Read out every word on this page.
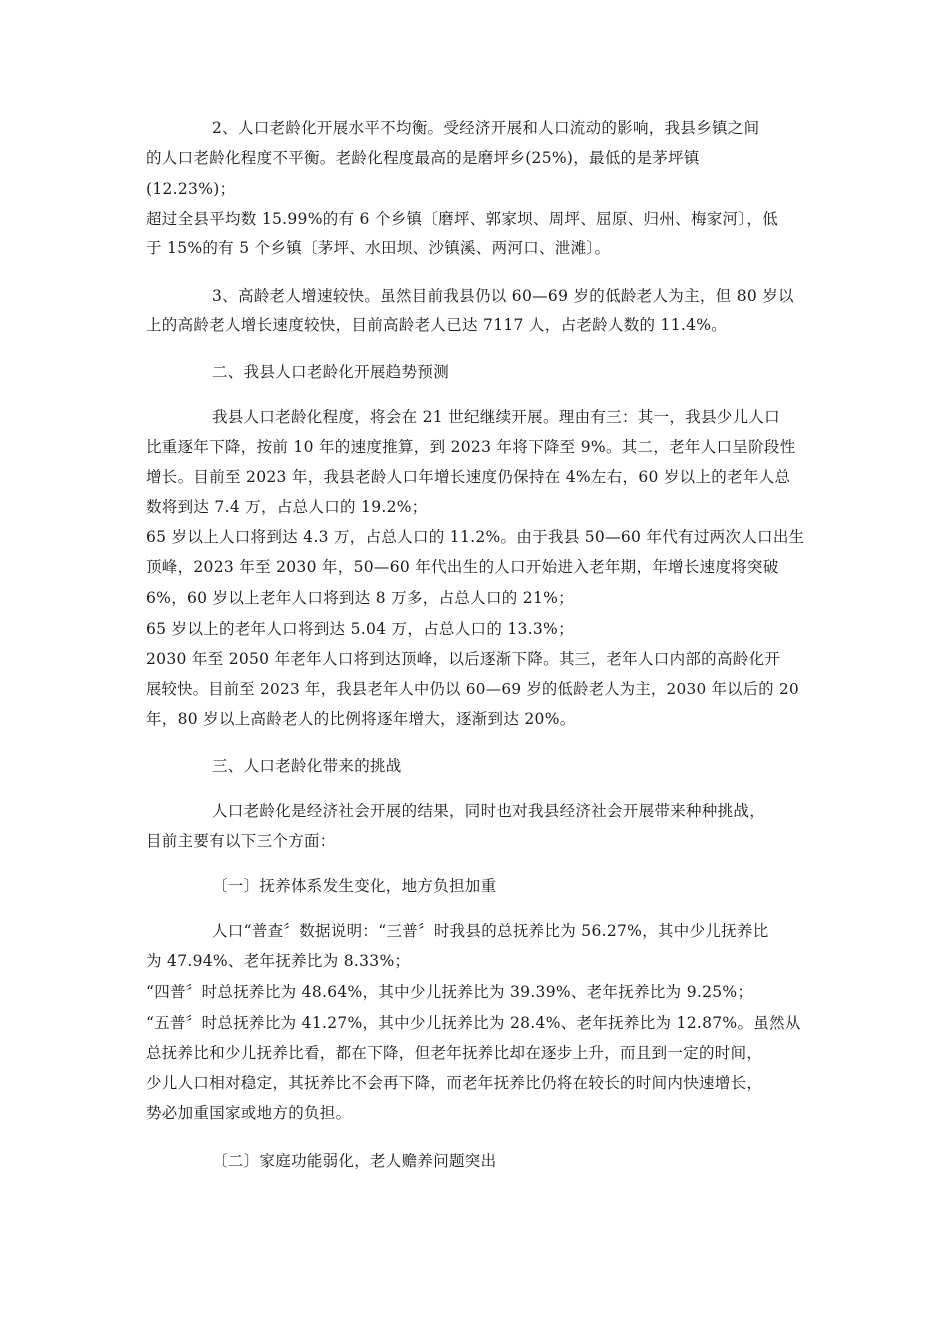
2、人口老龄化开展水平不均衡。受经济开展和人口流动的影响，我县乡镇之间
的人口老龄化程度不平衡。老龄化程度最高的是磨坪乡(25%)，最低的是茅坪镇
(12.23%)；
超过全县平均数 15.99%的有 6 个乡镇〔磨坪、郭家坝、周坪、屈原、归州、梅家河〕，低
于 15%的有 5 个乡镇〔茅坪、水田坝、沙镇溪、两河口、泄滩〕。
3、高龄老人增速较快。虽然目前我县仍以 60—69 岁的低龄老人为主，但 80 岁以
上的高龄老人增长速度较快，目前高龄老人已达 7117 人，占老龄人数的 11.4%。
二、我县人口老龄化开展趋势预测
我县人口老龄化程度，将会在 21 世纪继续开展。理由有三：其一，我县少儿人口
比重逐年下降，按前 10 年的速度推算，到 2023 年将下降至 9%。其二，老年人口呈阶段性
增长。目前至 2023 年，我县老龄人口年增长速度仍保持在 4%左右，60 岁以上的老年人总
数将到达 7.4 万，占总人口的 19.2%；
65 岁以上人口将到达 4.3 万，占总人口的 11.2%。由于我县 50—60 年代有过两次人口出生
顶峰，2023 年至 2030 年，50—60 年代出生的人口开始进入老年期，年增长速度将突破
6%，60 岁以上老年人口将到达 8 万多，占总人口的 21%；
65 岁以上的老年人口将到达 5.04 万，占总人口的 13.3%；
2030 年至 2050 年老年人口将到达顶峰，以后逐渐下降。其三，老年人口内部的高龄化开
展较快。目前至 2023 年，我县老年人中仍以 60—69 岁的低龄老人为主，2030 年以后的 20
年，80 岁以上高龄老人的比例将逐年增大，逐渐到达 20%。
三、人口老龄化带来的挑战
人口老龄化是经济社会开展的结果，同时也对我县经济社会开展带来种种挑战，
目前主要有以下三个方面：
〔一〕抚养体系发生变化，地方负担加重
人口“普查〞数据说明：“三普〞时我县的总抚养比为 56.27%，其中少儿抚养比
为 47.94%、老年抚养比为 8.33%；
“四普〞时总抚养比为 48.64%，其中少儿抚养比为 39.39%、老年抚养比为 9.25%；
“五普〞时总抚养比为 41.27%，其中少儿抚养比为 28.4%、老年抚养比为 12.87%。虽然从
总抚养比和少儿抚养比看，都在下降，但老年抚养比却在逐步上升，而且到一定的时间，
少儿人口相对稳定，其抚养比不会再下降，而老年抚养比仍将在较长的时间内快速增长，
势必加重国家或地方的负担。
〔二〕家庭功能弱化，老人赡养问题突出
